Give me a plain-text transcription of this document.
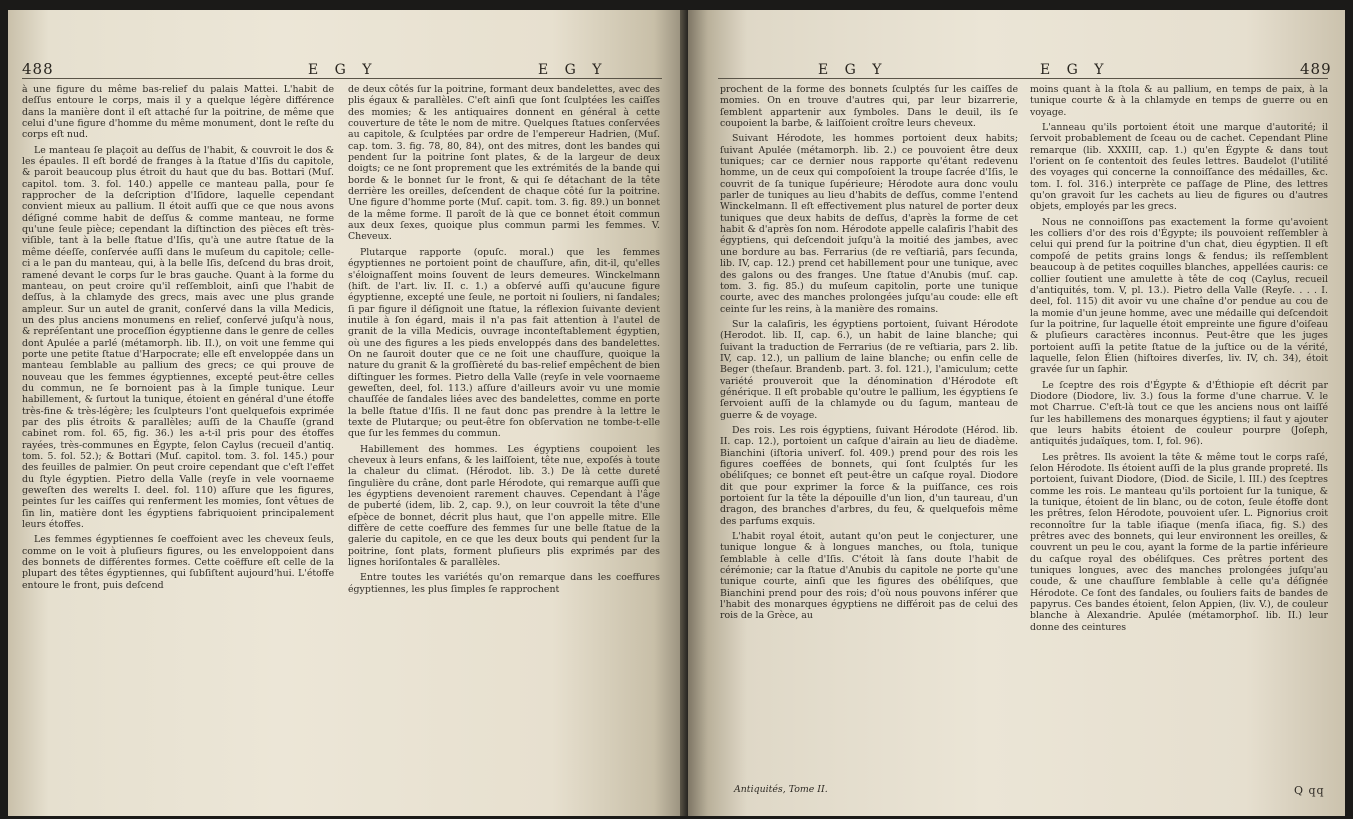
488	E G Y	E G Y

à une figure du même bas-relief du palais Mattei. L'habit de deſſus entoure le corps, mais il y a quelque légère différence dans la manière dont il eſt attaché ſur la poitrine, de même que celui d'une figure d'homme du même monument, dont le reſte du corps eſt nud.

Le manteau ſe plaçoit au deſſus de l'habit, & couvroit le dos & les épaules. Il eſt bordé de franges à la ſtatue d'Iſis du capitole, & paroit beaucoup plus étroit du haut que du bas. Bottari (Muſ. capitol. tom. 3. fol. 140.) appelle ce manteau palla, pour ſe rapprocher de la deſcription d'Iſidore, laquelle cependant convient mieux au pallium. Il étoit auſſi que ce que nous avons déſigné comme habit de deſſus & comme manteau, ne forme qu'une ſeule pièce; cependant la diſtinction des pièces eſt très-viſible, tant à la belle ſtatue d'Iſis, qu'à une autre ſtatue de la même déeſſe, conſervée auſſi dans le muſeum du capitole; celle-ci a le pan du manteau, qui, à la belle Iſis, deſcend du bras droit, ramené devant le corps ſur le bras gauche. Quant à la forme du manteau, on peut croire qu'il reſſembloit, ainſi que l'habit de deſſus, à la chlamyde des grecs, mais avec une plus grande ampleur. Sur un autel de granit, conſervé dans la villa Medicis, un des plus anciens monumens en relief, conſervé juſqu'à nous, & repréſentant une proceſſion égyptienne dans le genre de celles dont Apulée a parlé (métamorph. lib. II.), on voit une femme qui porte une petite ſtatue d'Harpocrate; elle eſt enveloppée dans un manteau ſemblable au pallium des grecs; ce qui prouve de nouveau que les femmes égyptiennes, excepté peut-être celles du commun, ne ſe bornoient pas à la ſimple tunique. Leur habillement, & ſurtout la tunique, étoient en général d'une étoffe très-fine & très-légère; les ſculpteurs l'ont quelquefois exprimée par des plis étroits & parallèles; auſſi de la Chauſſe (grand cabinet rom. fol. 65, fig. 36.) les a-t-il pris pour des étoffes rayées, très-communes en Égypte, ſelon Caylus (recueil d'antiq. tom. 5. fol. 52.); & Bottari (Muſ. capitol. tom. 3. fol. 145.) pour des feuilles de palmier. On peut croire cependant que c'eſt l'effet du ſtyle égyptien. Pietro della Valle (reyſe in vele voornaeme geweſten des werelts I. deel. fol. 110) aſſure que les figures, peintes ſur les caiſſes qui renferment les momies, ſont vêtues de ſin lin, matière dont les égyptiens fabriquoient principalement leurs étoffes.

Les femmes égyptiennes ſe coeffoient avec les cheveux ſeuls, comme on le voit à pluſieurs figures, ou les enveloppoient dans des bonnets de différentes formes. Cette coëffure eſt celle de la plupart des têtes égyptiennes, qui ſubſiſtent aujourd'hui. L'étoffe entoure le front, puis deſcend

de deux côtés ſur la poitrine, formant deux bandelettes, avec des plis égaux & parallèles. C'eſt ainſi que ſont ſculptées les caiſſes des momies; & les antiquaires donnent en général à cette couverture de tête le nom de mitre. Quelques ſtatues conſervées au capitole, & ſculptées par ordre de l'empereur Hadrien, (Muſ. cap. tom. 3. fig. 78, 80, 84), ont des mitres, dont les bandes qui pendent ſur la poitrine ſont plates, & de la largeur de deux doigts; ce ne ſont proprement que les extrémités de la bande qui borde & le bonnet ſur le front, & qui ſe détachant de la tête derrière les oreilles, deſcendent de chaque côté ſur la poitrine. Une figure d'homme porte (Muſ. capit. tom. 3. fig. 89.) un bonnet de la même forme. Il paroît de là que ce bonnet étoit commun aux deux ſexes, quoique plus commun parmi les femmes. V. Cheveux.

Plutarque rapporte (opuſc. moral.) que les femmes égyptiennes ne portoient point de chauſſure, afin, dit-il, qu'elles s'éloignaſſent moins ſouvent de leurs demeures. Winckelmann (hiſt. de l'art. liv. II. c. 1.) a obſervé auſſi qu'aucune figure égyptienne, excepté une ſeule, ne portoit ni ſouliers, ni ſandales; ſi par figure il déſignoit une ſtatue, la réflexion ſuivante devient inutile à ſon égard, mais il n'a pas fait attention à l'autel de granit de la villa Medicis, ouvrage inconteſtablement égyptien, où une des figures a les pieds enveloppés dans des bandelettes. On ne ſauroit douter que ce ne ſoit une chauſſure, quoique la nature du granit & la groſſièreté du bas-relief empêchent de bien diſtinguer les formes. Pietro della Valle (reyſe in vele voornaeme geweſten, deel, fol. 113.) aſſure d'ailleurs avoir vu une momie chauſſée de ſandales liées avec des bandelettes, comme en porte la belle ſtatue d'Iſis. Il ne faut donc pas prendre à la lettre le texte de Plutarque; ou peut-être fon obſervation ne tombe-t-elle que ſur les femmes du commun.

Habillement des hommes. Les égyptiens coupoient les cheveux à leurs enfans, & les laiſſoient, tête nue, expoſés à toute la chaleur du climat. (Hérodot. lib. 3.) De là cette dureté ſingulière du crâne, dont parle Hérodote, qui remarque auſſi que les égyptiens devenoient rarement chauves. Cependant à l'âge de puberté (idem, lib. 2, cap. 9.), on leur couvroit la tête d'une eſpèce de bonnet, décrit plus haut, que l'on appelle mitre. Elle diffère de cette coeffure des femmes ſur une belle ſtatue de la galerie du capitole, en ce que les deux bouts qui pendent ſur la poitrine, ſont plats, forment pluſieurs plis exprimés par des lignes horiſontales & parallèles.

Entre toutes les variétés qu'on remarque dans les coeffures égyptiennes, les plus ſimples ſe rapprochent

E G Y	E G Y	489

prochent de la forme des bonnets ſculptés ſur les caiſſes de momies. On en trouve d'autres qui, par leur bizarrerie, ſemblent appartenir aux ſymboles. Dans le deuil, ils ſe coupoient la barbe, & laiſſoient croître leurs cheveux.

Suivant Hérodote, les hommes portoient deux habits; ſuivant Apulée (métamorph. lib. 2.) ce pouvoient être deux tuniques; car ce dernier nous rapporte qu'étant redevenu homme, un de ceux qui compoſoient la troupe ſacrée d'Iſis, le couvrit de ſa tunique ſupérieure; Hérodote aura donc voulu parler de tuniques au lieu d'habits de deſſus, comme l'entend Winckelmann. Il eſt effectivement plus naturel de porter deux tuniques que deux habits de deſſus, d'après la forme de cet habit & d'après ſon nom. Hérodote appelle calaſiris l'habit des égyptiens, qui deſcendoit juſqu'à la moitié des jambes, avec une bordure au bas. Ferrarius (de re veſtiariâ, pars ſecunda, lib. IV, cap. 12.) prend cet habillement pour une tunique, avec des galons ou des franges. Une ſtatue d'Anubis (muſ. cap. tom. 3. fig. 85.) du muſeum capitolin, porte une tunique courte, avec des manches prolongées juſqu'au coude: elle eſt ceinte ſur les reins, à la manière des romains.

Sur la calaſiris, les égyptiens portoient, ſuivant Hérodote (Herodot. lib. II, cap. 6.), un habit de laine blanche; qui ſuivant la traduction de Ferrarius (de re veſtiaria, pars 2. lib. IV, cap. 12.), un pallium de laine blanche; ou enfin celle de Beger (theſaur. Brandenb. part. 3. fol. 121.), l'amiculum; cette variété prouveroit que la dénomination d'Hérodote eſt générique. Il eſt probable qu'outre le pallium, les égyptiens ſe ſervoient auſſi de la chlamyde ou du ſagum, manteau de guerre & de voyage.

Des rois. Les rois égyptiens, ſuivant Hérodote (Hérod. lib. II. cap. 12.), portoient un caſque d'airain au lieu de diadème. Bianchini (iſtoria univerſ. fol. 409.) prend pour des rois les figures coeffées de bonnets, qui ſont ſculptés ſur les obéliſques; ce bonnet eſt peut-être un caſque royal. Diodore dit que pour exprimer la force & la puiſſance, ces rois portoient ſur la tête la dépouille d'un lion, d'un taureau, d'un dragon, des branches d'arbres, du feu, & quelquefois même des parfums exquis.

L'habit royal étoit, autant qu'on peut le conjecturer, une tunique longue & à longues manches, ou ſtola, tunique ſemblable à celle d'Iſis. C'étoit là ſans doute l'habit de cérémonie; car la ſtatue d'Anubis du capitole ne porte qu'une tunique courte, ainſi que les figures des obéliſques, que Bianchini prend pour des rois; d'où nous pouvons inférer que l'habit des monarques égyptiens ne différoit pas de celui des rois de la Grèce, au

moins quant à la ſtola & au pallium, en temps de paix, à la tunique courte & à la chlamyde en temps de guerre ou en voyage.

L'anneau qu'ils portoient étoit une marque d'autorité; il ſervoit probablement de ſceau ou de cachet. Cependant Pline remarque (lib. XXXIII, cap. 1.) qu'en Égypte & dans tout l'orient on ſe contentoit des ſeules lettres. Baudelot (l'utilité des voyages qui concerne la connoiſſance des médailles, &c. tom. I. fol. 316.) interprète ce paſſage de Pline, des lettres qu'on gravoit ſur les cachets au lieu de figures ou d'autres objets, employés par les grecs.

Nous ne connoiſſons pas exactement la forme qu'avoient les colliers d'or des rois d'Égypte; ils pouvoient reſſembler à celui qui prend ſur la poitrine d'un chat, dieu égyptien. Il eſt compoſé de petits grains longs & fendus; ils reſſemblent beaucoup à de petites coquilles blanches, appellées cauris: ce collier ſoutient une amulette à tête de coq (Caylus, recueil d'antiquités, tom. V, pl. 13.). Pietro della Valle (Reyſe. . . . I. deel, fol. 115) dit avoir vu une chaîne d'or pendue au cou de la momie d'un jeune homme, avec une médaille qui deſcendoit ſur la poitrine, ſur laquelle étoit empreinte une figure d'oiſeau & pluſieurs caractères inconnus. Peut-être que les juges portoient auſſi la petite ſtatue de la juſtice ou de la vérité, laquelle, ſelon Élien (hiſtoires diverſes, liv. IV, ch. 34), étoit gravée ſur un ſaphir.

Le ſceptre des rois d'Égypte & d'Éthiopie eſt décrit par Diodore (Diodore, liv. 3.) ſous la forme d'une charrue. V. le mot Charrue. C'eſt-là tout ce que les anciens nous ont laiſſé ſur les habillemens des monarques égyptiens; il faut y ajouter que leurs habits étoient de couleur pourpre (Joſeph, antiquités judaïques, tom. I, fol. 96).

Les prêtres. Ils avoient la tête & même tout le corps raſé, ſelon Hérodote. Ils étoient auſſi de la plus grande propreté. Ils portoient, ſuivant Diodore, (Diod. de Sicile, l. III.) des ſceptres comme les rois. Le manteau qu'ils portoient ſur la tunique, & la tunique, étoient de lin blanc, ou de coton, ſeule étoffe dont les prêtres, ſelon Hérodote, pouvoient uſer. L. Pignorius croit reconnoître ſur la table iſiaque (menſa iſiaca, fig. S.) des prêtres avec des bonnets, qui leur environnent les oreilles, & couvrent un peu le cou, ayant la forme de la partie inférieure du caſque royal des obéliſques. Ces prêtres portent des tuniques longues, avec des manches prolongées juſqu'au coude, & une chauſſure ſemblable à celle qu'a déſignée Hérodote. Ce ſont des ſandales, ou ſouliers faits de bandes de papyrus. Ces bandes étoient, ſelon Appien, (liv. V.), de couleur blanche à Alexandrie. Apulée (métamorphoſ. lib. II.) leur donne des ceintures

Antiquités, Tome II.	Q qq
